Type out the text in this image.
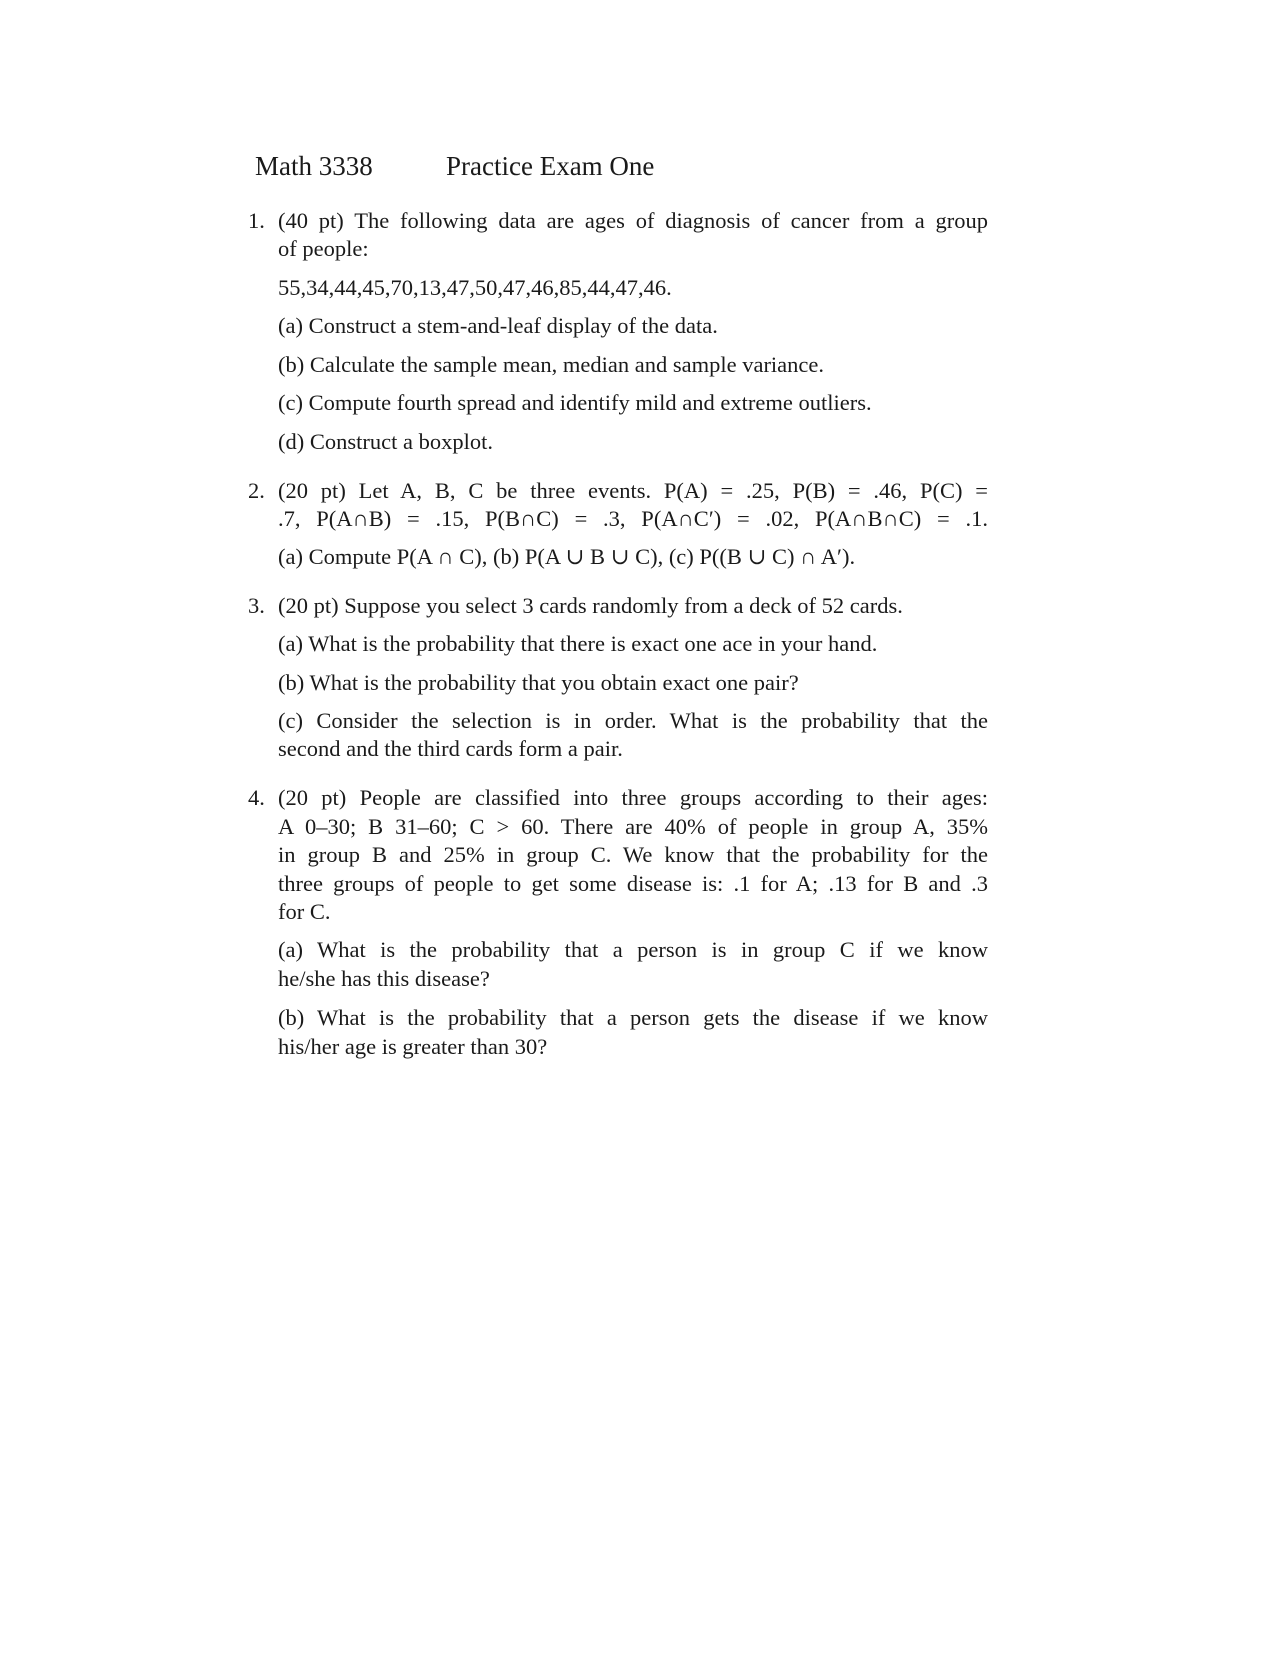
Math 3338	Practice Exam One
1. (40 pt) The following data are ages of diagnosis of cancer from a group
of people:
55,34,44,45,70,13,47,50,47,46,85,44,47,46.
(a) Construct a stem-and-leaf display of the data.
(b) Calculate the sample mean, median and sample variance.
(c) Compute fourth spread and identify mild and extreme outliers.
(d) Construct a boxplot.
2. (20 pt) Let A, B, C be three events. P(A) = .25, P(B) = .46, P(C) =
.7, P(A∩B) = .15, P(B∩C) = .3, P(A∩C′) = .02, P(A∩B∩C) = .1.
(a) Compute P(A ∩ C), (b) P(A ∪ B ∪ C), (c) P((B ∪ C) ∩ A′).
3. (20 pt) Suppose you select 3 cards randomly from a deck of 52 cards.
(a) What is the probability that there is exact one ace in your hand.
(b) What is the probability that you obtain exact one pair?
(c) Consider the selection is in order. What is the probability that the
second and the third cards form a pair.
4. (20 pt) People are classified into three groups according to their ages:
A 0–30; B 31–60; C > 60. There are 40% of people in group A, 35%
in group B and 25% in group C. We know that the probability for the
three groups of people to get some disease is: .1 for A; .13 for B and .3
for C.
(a) What is the probability that a person is in group C if we know
he/she has this disease?
(b) What is the probability that a person gets the disease if we know
his/her age is greater than 30?
